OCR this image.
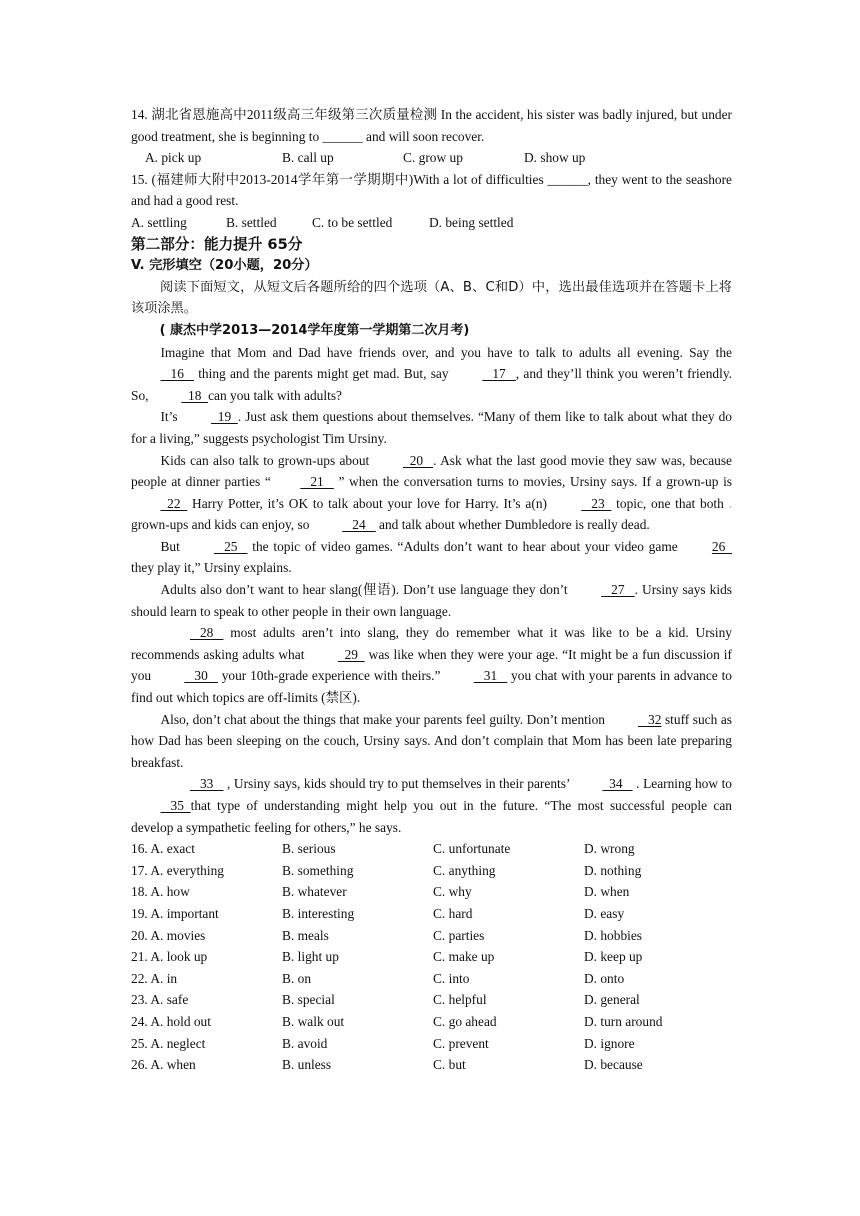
14. 湖北省恩施高中2011级高三年级第三次质量检测 In the accident, his sister was badly injured, but under good treatment, she is beginning to ______ and will soon recover.

A. pick up	B. call up	C. grow up	D. show up

15. (福建师大附中2013-2014学年第一学期期中)With a lot of difficulties ______, they went to the seashore and had a good rest.

A. settling	B. settled	C. to be settled	D. being settled

第二部分：能力提升 65分

V. 完形填空（20小题，20分）

阅读下面短文，从短文后各题所给的四个选项（A、B、C和D）中，选出最佳选项并在答题卡上将该项涂黑。

( 康杰中学2013—2014学年度第一学期第二次月考)

Imagine that Mom and Dad have friends over, and you have to talk to adults all evening. Say the    16    thing and the parents might get mad. But, say    17   , and they’ll think you weren’t friendly. So,   18  can you talk with adults?

It’s   19  . Just ask them questions about themselves. “Many of them like to talk about what they do for a living,” suggests psychologist Tim Ursiny.

Kids can also talk to grown-ups about   20   . Ask what the last good movie they saw was, because people at dinner parties “   21    ” when the conversation turns to movies, Ursiny says. If a grown-up is   22   Harry Potter, it’s OK to talk about your love for Harry. It’s a(n)    23   topic, one that both . grown-ups and kids can enjoy, so    24    and talk about whether Dumbledore is really dead.

But    25    the topic of video games. “Adults don’t want to hear about your video game 26  they play it,” Ursiny explains.

Adults also don’t want to hear slang(俚语). Don’t use language they don’t    27   . Ursiny says kids should learn to speak to other people in their own language.

28    most adults aren’t into slang, they do remember what it was like to be a kid. Ursiny recommends asking adults what   29   was like when they were your age. “It might be a fun discussion if you    30    your 10th-grade experience with theirs.”    31    you chat with your parents in advance to find out which topics are off-limits (禁区).

Also, don’t chat about the things that make your parents feel guilty. Don’t mention    32 stuff such as how Dad has been sleeping on the couch, Ursiny says. And don’t complain that Mom has been late preparing breakfast.

33    , Ursiny says, kids should try to put themselves in their parents’   34    . Learning how to    35  that type of understanding might help you out in the future. “The most successful people can develop a sympathetic feeling for others,” he says.

16. A. exact	B. serious	C. unfortunate	D. wrong
17. A. everything	B. something	C. anything	D. nothing
18. A. how	B. whatever	C. why	D. when
19. A. important	B. interesting	C. hard	D. easy
20. A. movies	B. meals	C. parties	D. hobbies
21. A. look up	B. light up	C. make up	D. keep up
22. A. in	B. on	C. into	D. onto
23. A. safe	B. special	C. helpful	D. general
24. A. hold out	B. walk out	C. go ahead	D. turn around
25. A. neglect	B. avoid	C. prevent	D. ignore
26. A. when	B. unless	C. but	D. because
